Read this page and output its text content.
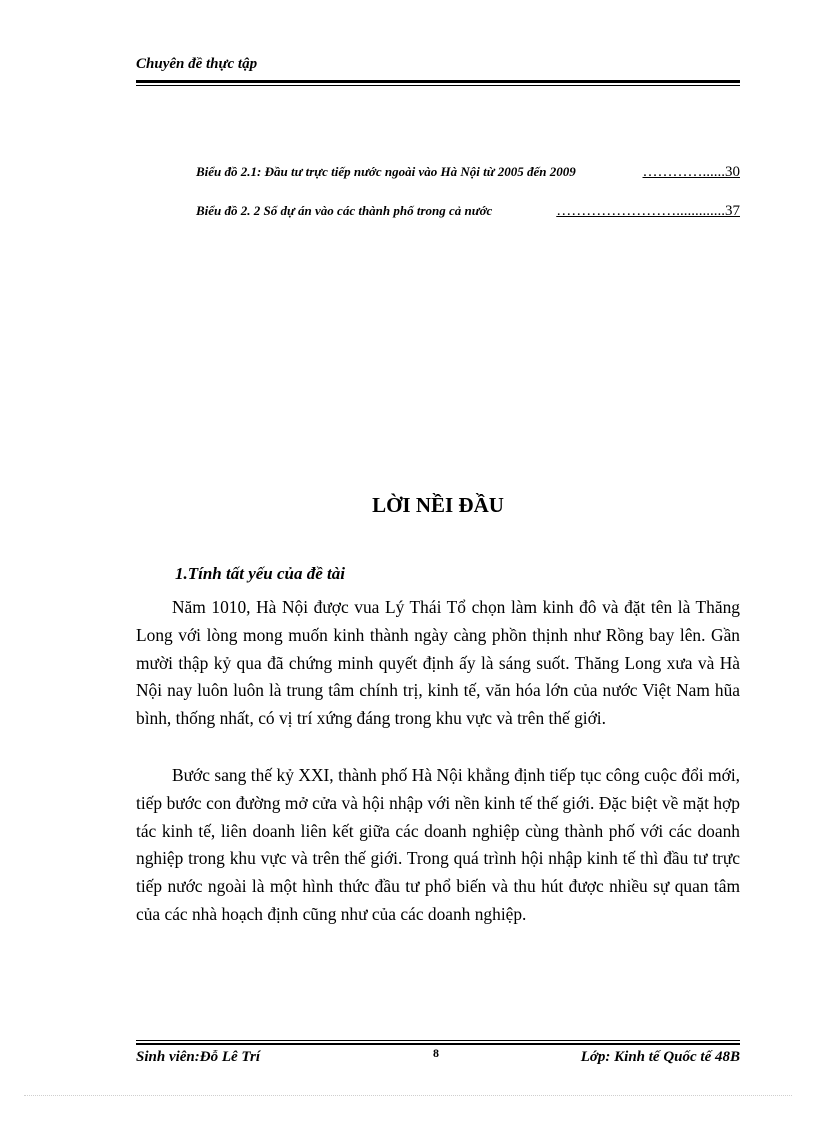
Chuyên đề thực tập
Biểu đồ 2.1: Đầu tư trực tiếp nước ngoài vào Hà Nội từ 2005 đến 2009	…………...... 30
Biểu đồ 2. 2 Số dự án vào các thành phố trong cả nước	……………………............. 37
LỜI NỀI ĐẦU
1.Tính tất yếu của đề tài

Năm 1010, Hà Nội được vua Lý Thái Tổ chọn làm kinh đô và đặt tên là Thăng Long với lòng mong muốn kinh thành ngày càng phồn thịnh như Rồng bay lên. Gần mười thập kỷ qua đã chứng minh quyết định ấy là sáng suốt. Thăng Long xưa và Hà Nội nay luôn luôn là trung tâm chính trị, kinh tế, văn hóa lớn của nước Việt Nam hũa bình, thống nhất, có vị trí xứng đáng trong khu vực và trên thế giới.

Bước sang thế kỷ XXI, thành phố Hà Nội khẳng định tiếp tục công cuộc đổi mới, tiếp bước con đường mở cửa và hội nhập với nền kinh tế thế giới. Đặc biệt về mặt hợp tác kinh tế, liên doanh liên kết giữa các doanh nghiệp cùng thành phố với các doanh nghiệp trong khu vực và trên thế giới. Trong quá trình hội nhập kinh tế thì đầu tư trực tiếp nước ngoài là một hình thức đầu tư phổ biến và thu hút được nhiều sự quan tâm của các nhà hoạch định cũng như của các doanh nghiệp.

Sinh viên:Đỗ Lê Trí	8	Lớp: Kinh tế Quốc tế 48B
